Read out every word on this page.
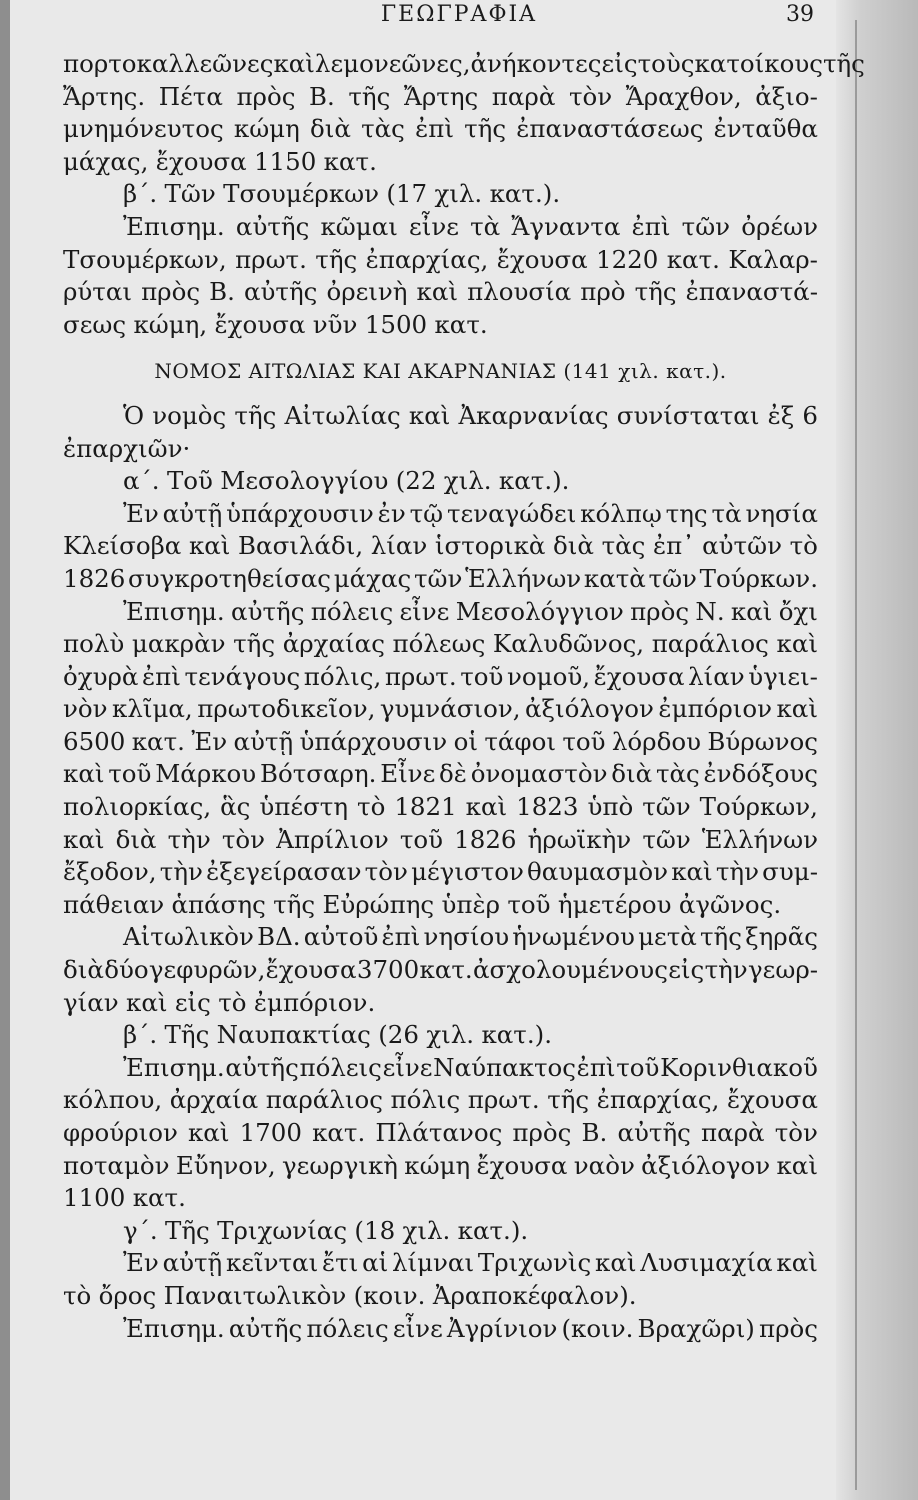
ΓΕΩΓΡΑΦΙΑ	39
πορτοκαλλεῶνες καὶ λεμονεῶνες, ἀνήκοντες εἰς τοὺς κατοίκους τῆς
Ἄρτης. Πέτα πρὸς Β. τῆς Ἄρτης παρὰ τὸν Ἄραχθον, ἀξιο-
μνημόνευτος κώμη διὰ τὰς ἐπὶ τῆς ἐπαναστάσεως ἐνταῦθα
μάχας, ἔχουσα 1150 κατ.
β΄. Τῶν Τσουμέρκων (17 χιλ. κατ.).
Ἐπισημ. αὐτῆς κῶμαι εἶνε τὰ Ἄγναντα ἐπὶ τῶν ὀρέων
Τσουμέρκων, πρωτ. τῆς ἐπαρχίας, ἔχουσα 1220 κατ. Καλαρ-
ρύται πρὸς Β. αὐτῆς ὀρεινὴ καὶ πλουσία πρὸ τῆς ἐπαναστά-
σεως κώμη, ἔχουσα νῦν 1500 κατ.
ΝΟΜΟΣ ΑΙΤΩΛΙΑΣ ΚΑΙ ΑΚΑΡΝΑΝΙΑΣ (141 χιλ. κατ.).
Ὁ νομὸς τῆς Αἰτωλίας καὶ Ἀκαρνανίας συνίσταται ἐξ 6
ἐπαρχιῶν·
α΄. Τοῦ Μεσολογγίου (22 χιλ. κατ.).
Ἐν αὐτῇ ὑπάρχουσιν ἐν τῷ τεναγώδει κόλπῳ της τὰ νησία
Κλείσοβα καὶ Βασιλάδι, λίαν ἱστορικὰ διὰ τὰς ἐπ᾽ αὐτῶν τὸ
1826 συγκροτηθείσας μάχας τῶν Ἑλλήνων κατὰ τῶν Τούρκων.
Ἐπισημ. αὐτῆς πόλεις εἶνε Μεσολόγγιον πρὸς Ν. καὶ ὄχι
πολὺ μακρὰν τῆς ἀρχαίας πόλεως Καλυδῶνος, παράλιος καὶ
ὀχυρὰ ἐπὶ τενάγους πόλις, πρωτ. τοῦ νομοῦ, ἔχουσα λίαν ὑγιει-
νὸν κλῖμα, πρωτοδικεῖον, γυμνάσιον, ἀξιόλογον ἐμπόριον καὶ
6500 κατ. Ἐν αὐτῇ ὑπάρχουσιν οἱ τάφοι τοῦ λόρδου Βύρωνος
καὶ τοῦ Μάρκου Βότσαρη. Εἶνε δὲ ὀνομαστὸν διὰ τὰς ἐνδόξους
πολιορκίας, ἃς ὑπέστη τὸ 1821 καὶ 1823 ὑπὸ τῶν Τούρκων,
καὶ διὰ τὴν τὸν Ἀπρίλιον τοῦ 1826 ἡρωϊκὴν τῶν Ἑλλήνων
ἔξοδον, τὴν ἐξεγείρασαν τὸν μέγιστον θαυμασμὸν καὶ τὴν συμ-
πάθειαν ἁπάσης τῆς Εὐρώπης ὑπὲρ τοῦ ἡμετέρου ἀγῶνος.
Αἰτωλικὸν ΒΔ. αὐτοῦ ἐπὶ νησίου ἡνωμένου μετὰ τῆς ξηρᾶς
διὰ δύο γεφυρῶν, ἔχουσα 3700 κατ. ἀσχολουμένους εἰς τὴν γεωρ-
γίαν καὶ εἰς τὸ ἐμπόριον.
β΄. Τῆς Ναυπακτίας (26 χιλ. κατ.).
Ἐπισημ. αὐτῆς πόλεις εἶνε Ναύπακτος ἐπὶ τοῦ Κορινθιακοῦ
κόλπου, ἀρχαία παράλιος πόλις πρωτ. τῆς ἐπαρχίας, ἔχουσα
φρούριον καὶ 1700 κατ. Πλάτανος πρὸς Β. αὐτῆς παρὰ τὸν
ποταμὸν Εὔηνον, γεωργικὴ κώμη ἔχουσα ναὸν ἀξιόλογον καὶ
1100 κατ.
γ΄. Τῆς Τριχωνίας (18 χιλ. κατ.).
Ἐν αὐτῇ κεῖνται ἔτι αἱ λίμναι Τριχωνὶς καὶ Λυσιμαχία καὶ
τὸ ὄρος Παναιτωλικὸν (κοιν. Ἀραποκέφαλον).
Ἐπισημ. αὐτῆς πόλεις εἶνε Ἀγρίνιον (κοιν. Βραχῶρι) πρὸς
